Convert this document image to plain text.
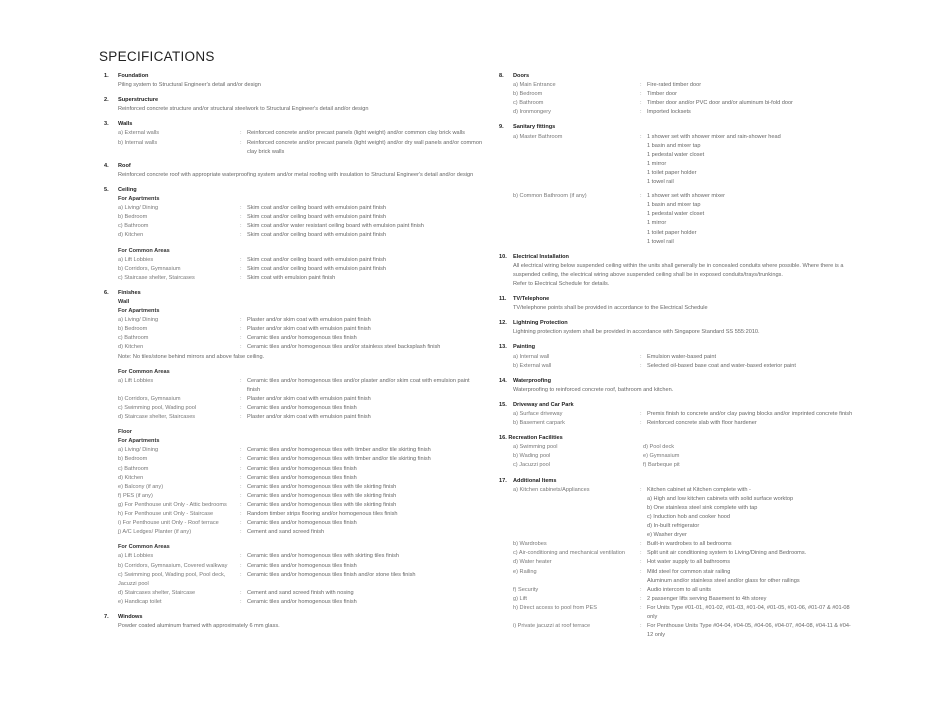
SPECIFICATIONS
1. Foundation
Piling system to Structural Engineer's detail and/or design
2. Superstructure
Reinforced concrete structure and/or structural steelwork to Structural Engineer's detail and/or design
3. Walls
a) External walls	: Reinforced concrete and/or precast panels (light weight) and/or common clay brick walls
b) Internal walls	: Reinforced concrete and/or precast panels (light weight) and/or dry wall panels and/or common clay brick walls
4. Roof
Reinforced concrete roof with appropriate waterproofing system and/or metal roofing with insulation to Structural Engineer's detail and/or design
5. Ceiling
For Apartments
a) Living/ Dining	: Skim coat and/or ceiling board with emulsion paint finish
b) Bedroom	: Skim coat and/or ceiling board with emulsion paint finish
c) Bathroom	: Skim coat and/or water resistant ceiling board with emulsion paint finish
d) Kitchen	: Skim coat and/or ceiling board with emulsion paint finish
For Common Areas
a) Lift Lobbies	: Skim coat and/or ceiling board with emulsion paint finish
b) Corridors, Gymnasium	: Skim coat and/or ceiling board with emulsion paint finish
c) Staircase shelter, Staircases	: Skim coat with emulsion paint finish
6. Finishes
Wall
For Apartments
a) Living/ Dining	: Plaster and/or skim coat with emulsion paint finish
b) Bedroom	: Plaster and/or skim coat with emulsion paint finish
c) Bathroom	: Ceramic tiles and/or homogenous tiles finish
d) Kitchen	: Ceramic tiles and/or homogenous tiles and/or stainless steel backsplash finish
Note: No tiles/stone behind mirrors and above false ceiling.
For Common Areas
a) Lift Lobbies	: Ceramic tiles and/or homogenous tiles and/or plaster and/or skim coat with emulsion paint finish
b) Corridors, Gymnasium	: Plaster and/or skim coat with emulsion paint finish
c) Swimming pool, Wading pool	: Ceramic tiles and/or homogenous tiles finish
d) Staircase shelter, Staircases	: Plaster and/or skim coat with emulsion paint finish
Floor
For Apartments
a) Living/ Dining	: Ceramic tiles and/or homogenous tiles with timber and/or tile skirting finish
b) Bedroom	: Ceramic tiles and/or homogenous tiles with timber and/or tile skirting finish
c) Bathroom	: Ceramic tiles and/or homogenous tiles finish
d) Kitchen	: Ceramic tiles and/or homogenous tiles finish
e) Balcony (if any)	: Ceramic tiles and/or homogenous tiles with tile skirting finish
f) PES (if any)	: Ceramic tiles and/or homogenous tiles with tile skirting finish
g) For Penthouse unit Only - Attic bedrooms	: Ceramic tiles and/or homogenous tiles with tile skirting finish
h) For Penthouse unit Only - Staircase	: Random timber strips flooring and/or homogenous tiles finish
i) For Penthouse unit Only - Roof terrace	: Ceramic tiles and/or homogenous tiles finish
j) A/C Ledges/ Planter (if any)	: Cement and sand screed finish
For Common Areas
a) Lift Lobbies	: Ceramic tiles and/or homogenous tiles with skirting tiles finish
b) Corridors, Gymnasium, Covered walkway	: Ceramic tiles and/or homogenous tiles finish
c) Swimming pool, Wading pool, Pool deck, Jacuzzi pool
: Ceramic tiles and/or homogenous tiles finish and/or stone tiles finish
d) Staircases shelter, Staircase	: Cement and sand screed finish with nosing
e) Handicap toilet	: Ceramic tiles and/or homogenous tiles finish
7. Windows
Powder coated aluminum framed with approximately 6 mm glass.
8. Doors
a) Main Entrance	: Fire-rated timber door
b) Bedroom	: Timber door
c) Bathroom	: Timber door and/or PVC door and/or aluminum bi-fold door
d) Ironmongery	: Imported locksets
9. Sanitary fittings
a) Master Bathroom	: 1 shower set with shower mixer and rain-shower head
1 basin and mixer tap
1 pedestal water closet
1 mirror
1 toilet paper holder
1 towel rail
b) Common Bathroom (if any)	: 1 shower set with shower mixer
1 basin and mixer tap
1 pedestal water closet
1 mirror
1 toilet paper holder
1 towel rail
10. Electrical Installation
All electrical wiring below suspended ceiling within the units shall generally be in concealed conduits where possible. Where there is a suspended ceiling, the electrical wiring above suspended ceiling shall be in exposed conduits/trays/trunkings.
Refer to Electrical Schedule for details.
11. TV/Telephone
TV/telephone points shall be provided in accordance to the Electrical Schedule
12. Lightning Protection
Lightning protection system shall be provided in accordance with Singapore Standard SS 555:2010.
13. Painting
a) Internal wall	: Emulsion water-based paint
b) External wall	: Selected oil-based base coat and water-based exterior paint
14. Waterproofing
Waterproofing to reinforced concrete roof, bathroom and kitchen.
15. Driveway and Car Park
a) Surface driveway	: Premix finish to concrete and/or clay paving blocks and/or imprinted concrete finish
b) Basement carpark	: Reinforced concrete slab with floor hardener
16. Recreation Facilities
a) Swimming pool	d) Pool deck
b) Wading pool	e) Gymnasium
c) Jacuzzi pool	f) Barbeque pit
17. Additional Items
a) Kitchen cabinets/Appliances	: Kitchen cabinet at Kitchen complete with -
a) High and low kitchen cabinets with solid surface worktop
b) One stainless steel sink complete with tap
c) Induction hob and cooker hood
d) In-built refrigerator
e) Washer dryer
b) Wardrobes	: Built-in wardrobes to all bedrooms
c) Air-conditioning and mechanical ventilation	: Split unit air conditioning system to Living/Dining and Bedrooms.
d) Water heater	: Hot water supply to all bathrooms
e) Railing	: Mild steel for common stair railing
Aluminum and/or stainless steel and/or glass for other railings
f) Security	: Audio intercom to all units
g) Lift	: 2 passenger lifts serving Basement to 4th storey
h) Direct access to pool from PES	: For Units Type #01-01, #01-02, #01-03, #01-04, #01-05, #01-06, #01-07 & #01-08 only
i) Private jacuzzi at roof terrace	: For Penthouse Units Type #04-04, #04-05, #04-06, #04-07, #04-08, #04-11 & #04-12 only
